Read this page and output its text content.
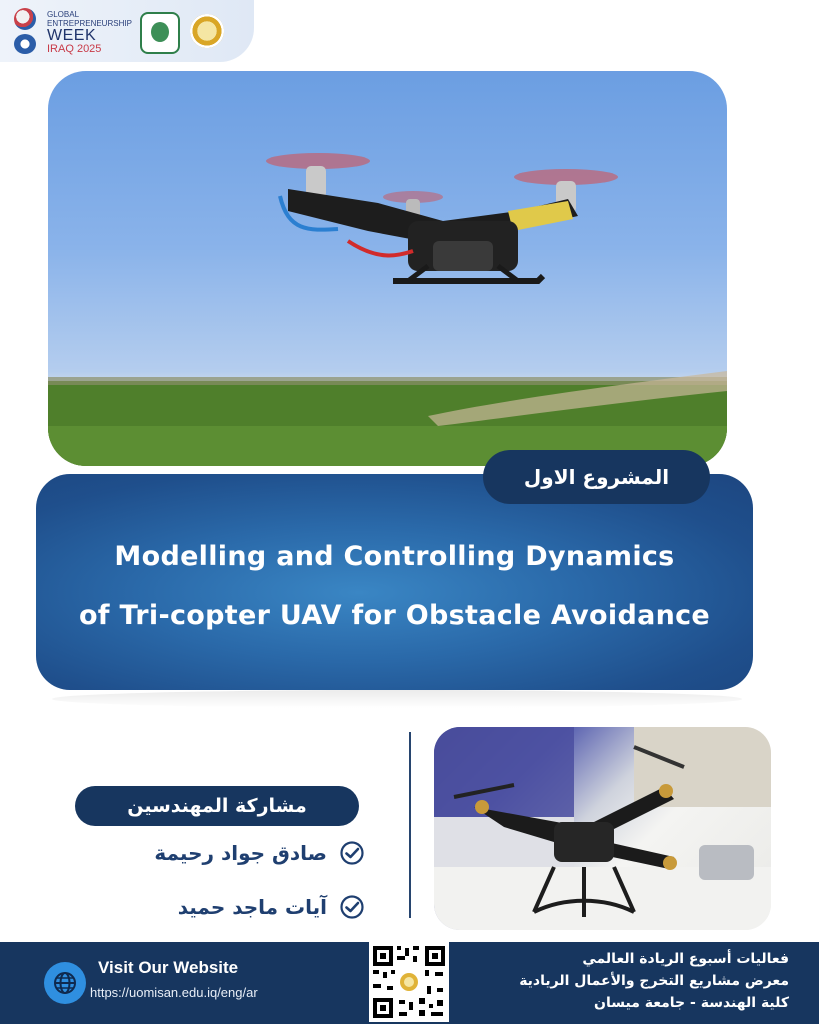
GLOBAL
ENTREPRENEURSHIP
WEEK
IRAQ 2025
المشروع الاول
Modelling and Controlling Dynamics
of Tri-copter UAV for Obstacle Avoidance
مشاركة المهندسين
صادق جواد رحيمة
آيات ماجد حميد
Visit Our Website
https://uomisan.edu.iq/eng/ar
فعاليات أسبوع الريادة العالمي
معرض مشاريع التخرج والأعمال الريادية
كلية الهندسة - جامعة ميسان
